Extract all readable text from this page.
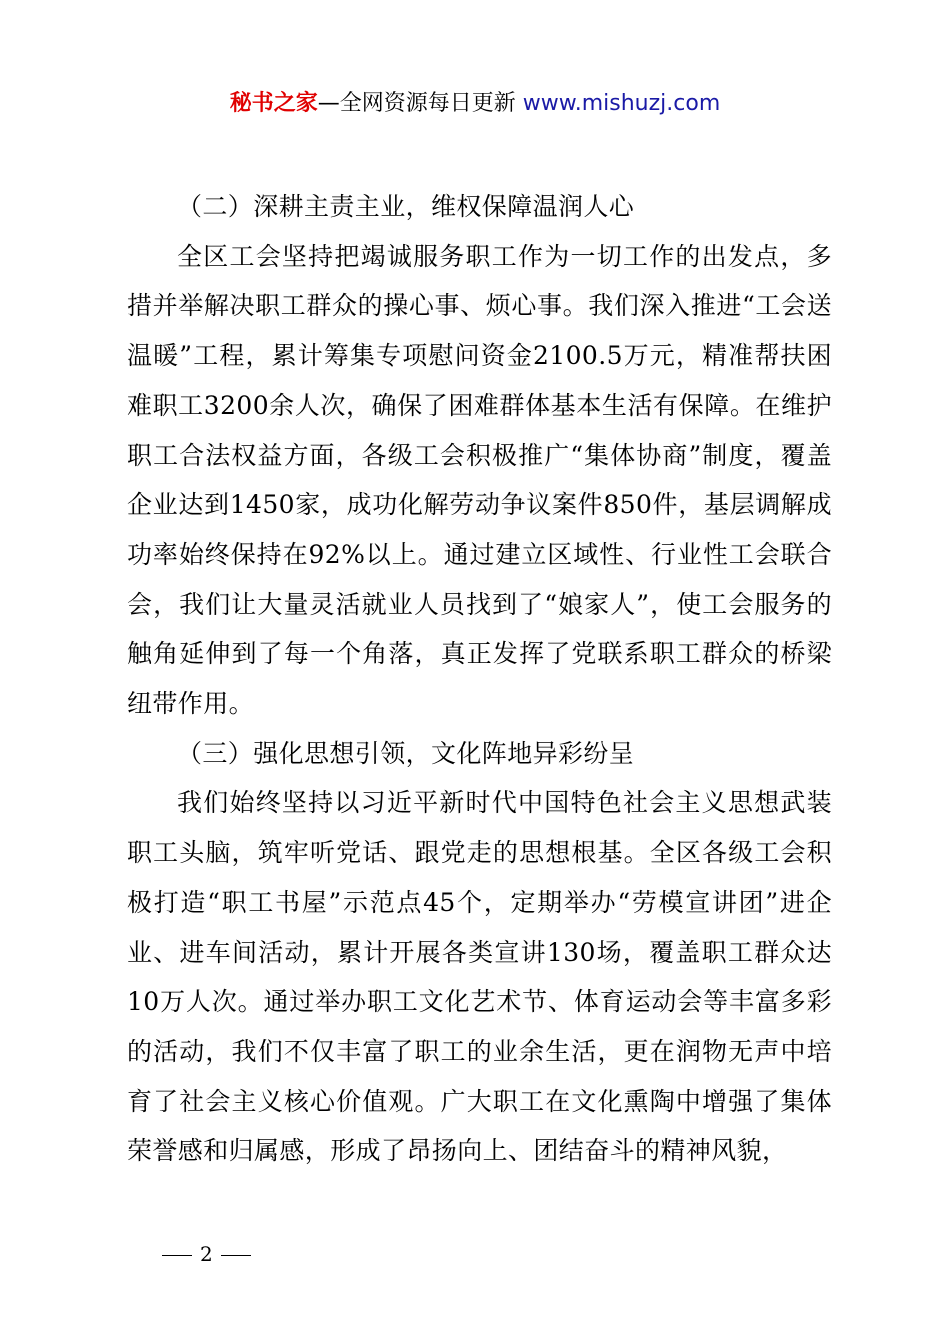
秘书之家—全网资源每日更新 www.mishuzj.com

（二）深耕主责主业，维权保障温润人心

全区工会坚持把竭诚服务职工作为一切工作的出发点，多措并举解决职工群众的操心事、烦心事。我们深入推进“工会送温暖”工程，累计筹集专项慰问资金2100.5万元，精准帮扶困难职工3200余人次，确保了困难群体基本生活有保障。在维护职工合法权益方面，各级工会积极推广“集体协商”制度，覆盖企业达到1450家，成功化解劳动争议案件850件，基层调解成功率始终保持在92%以上。通过建立区域性、行业性工会联合会，我们让大量灵活就业人员找到了“娘家人”，使工会服务的触角延伸到了每一个角落，真正发挥了党联系职工群众的桥梁纽带作用。

（三）强化思想引领，文化阵地异彩纷呈

我们始终坚持以习近平新时代中国特色社会主义思想武装职工头脑，筑牢听党话、跟党走的思想根基。全区各级工会积极打造“职工书屋”示范点45个，定期举办“劳模宣讲团”进企业、进车间活动，累计开展各类宣讲130场，覆盖职工群众达10万人次。通过举办职工文化艺术节、体育运动会等丰富多彩的活动，我们不仅丰富了职工的业余生活，更在润物无声中培育了社会主义核心价值观。广大职工在文化熏陶中增强了集体荣誉感和归属感，形成了昂扬向上、团结奋斗的精神风貌，

2
